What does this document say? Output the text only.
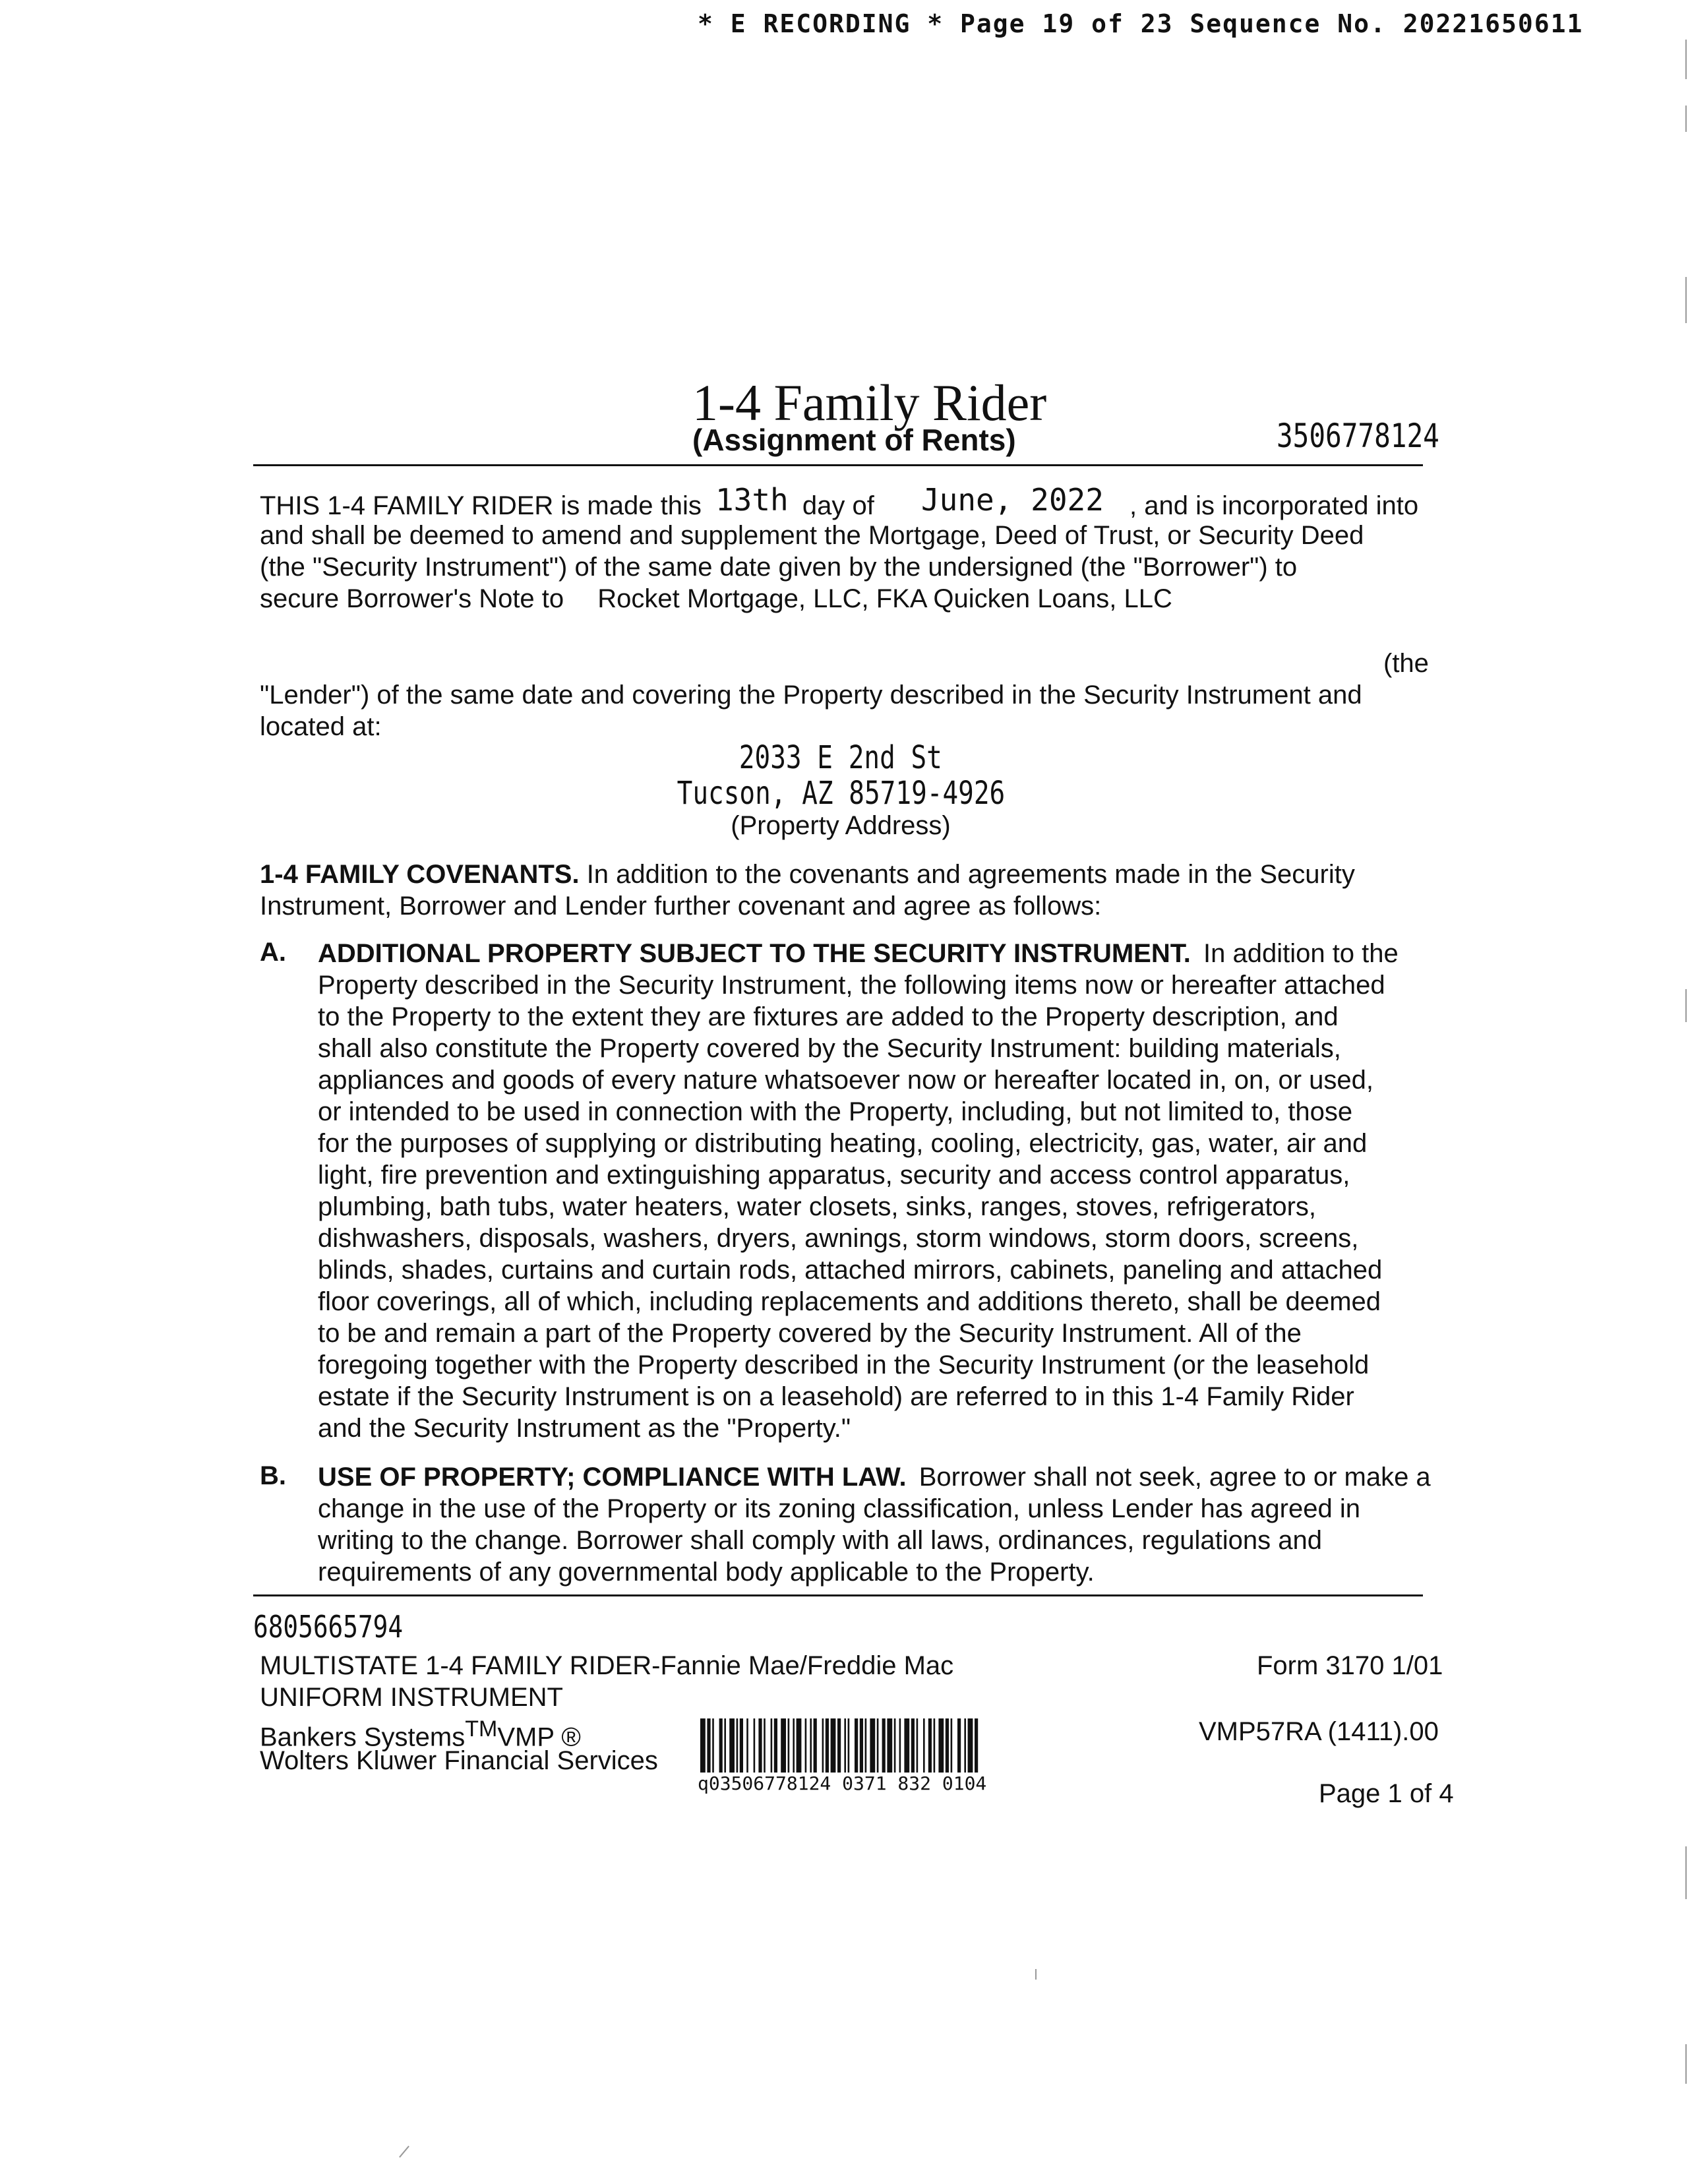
* E RECORDING * Page 19 of 23 Sequence No. 20221650611
1-4 Family Rider
(Assignment of Rents)	3506778124
THIS 1-4 FAMILY RIDER is made this 13th day of June, 2022 , and is incorporated into
and shall be deemed to amend and supplement the Mortgage, Deed of Trust, or Security Deed
(the "Security Instrument") of the same date given by the undersigned (the "Borrower") to
secure Borrower's Note to Rocket Mortgage, LLC, FKA Quicken Loans, LLC
(the
"Lender") of the same date and covering the Property described in the Security Instrument and
located at:
2033 E 2nd St
Tucson, AZ 85719-4926
(Property Address)
1-4 FAMILY COVENANTS. In addition to the covenants and agreements made in the Security
Instrument, Borrower and Lender further covenant and agree as follows:
A. ADDITIONAL PROPERTY SUBJECT TO THE SECURITY INSTRUMENT. In addition to the
Property described in the Security Instrument, the following items now or hereafter attached
to the Property to the extent they are fixtures are added to the Property description, and
shall also constitute the Property covered by the Security Instrument: building materials,
appliances and goods of every nature whatsoever now or hereafter located in, on, or used,
or intended to be used in connection with the Property, including, but not limited to, those
for the purposes of supplying or distributing heating, cooling, electricity, gas, water, air and
light, fire prevention and extinguishing apparatus, security and access control apparatus,
plumbing, bath tubs, water heaters, water closets, sinks, ranges, stoves, refrigerators,
dishwashers, disposals, washers, dryers, awnings, storm windows, storm doors, screens,
blinds, shades, curtains and curtain rods, attached mirrors, cabinets, paneling and attached
floor coverings, all of which, including replacements and additions thereto, shall be deemed
to be and remain a part of the Property covered by the Security Instrument. All of the
foregoing together with the Property described in the Security Instrument (or the leasehold
estate if the Security Instrument is on a leasehold) are referred to in this 1-4 Family Rider
and the Security Instrument as the "Property."
B. USE OF PROPERTY; COMPLIANCE WITH LAW. Borrower shall not seek, agree to or make a
change in the use of the Property or its zoning classification, unless Lender has agreed in
writing to the change. Borrower shall comply with all laws, ordinances, regulations and
requirements of any governmental body applicable to the Property.
6805665794
MULTISTATE 1-4 FAMILY RIDER-Fannie Mae/Freddie Mac
UNIFORM INSTRUMENT
Bankers Systems™VMP ®
Wolters Kluwer Financial Services
Form 3170 1/01
VMP57RA (1411).00
Page 1 of 4
q03506778124 0371 832 0104
